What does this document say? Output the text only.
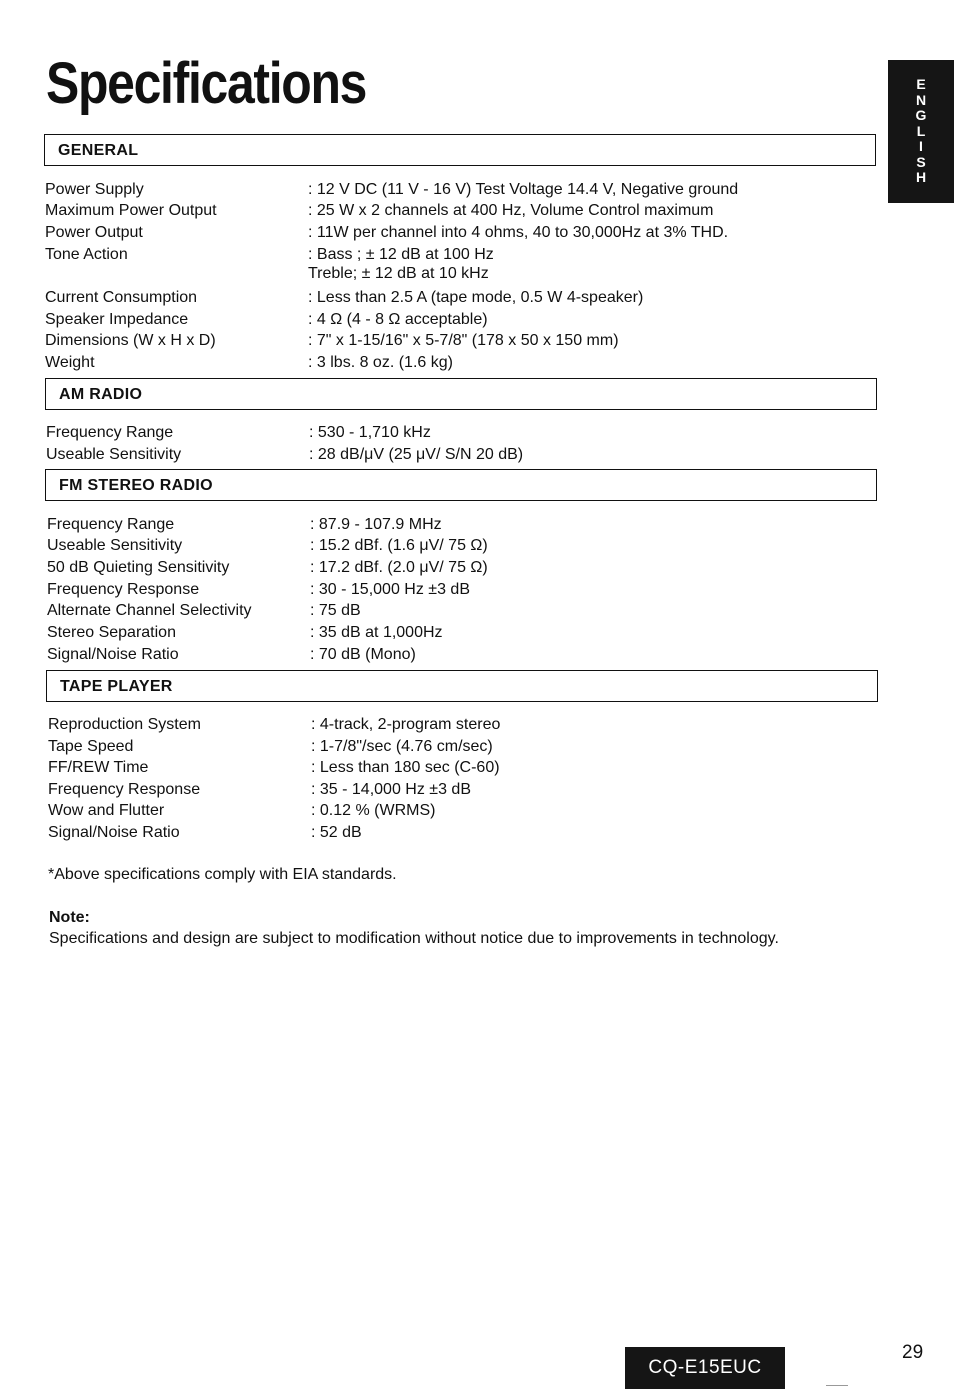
Specifications	E
N
G
L
I
S
H
GENERAL
Power Supply	: 12 V DC (11 V - 16 V) Test Voltage 14.4 V, Negative ground
Maximum Power Output	: 25 W x 2 channels at 400 Hz, Volume Control maximum
Power Output	: 11W per channel into 4 ohms, 40 to 30,000Hz at 3% THD.
Tone Action	: Bass ; ± 12 dB at 100 Hz
Treble; ± 12 dB at 10 kHz
Current Consumption	: Less than 2.5 A (tape mode, 0.5 W 4-speaker)
Speaker Impedance	: 4 Ω (4 - 8 Ω acceptable)
Dimensions (W x H x D)	: 7" x 1-15/16" x 5-7/8" (178 x 50 x 150 mm)
Weight	: 3 lbs. 8 oz. (1.6 kg)
AM RADIO
Frequency Range	: 530 - 1,710 kHz
Useable Sensitivity	: 28 dB/μV (25 μV/ S/N 20 dB)
FM STEREO RADIO
Frequency Range	: 87.9 - 107.9 MHz
Useable Sensitivity	: 15.2 dBf. (1.6 μV/ 75 Ω)
50 dB Quieting Sensitivity	: 17.2 dBf. (2.0 μV/ 75 Ω)
Frequency Response	: 30 - 15,000 Hz ±3 dB
Alternate Channel Selectivity	: 75 dB
Stereo Separation	: 35 dB at 1,000Hz
Signal/Noise Ratio	: 70 dB (Mono)
TAPE PLAYER
Reproduction System	: 4-track, 2-program stereo
Tape Speed	: 1-7/8"/sec (4.76 cm/sec)
FF/REW Time	: Less than 180 sec (C-60)
Frequency Response	: 35 - 14,000 Hz ±3 dB
Wow and Flutter	: 0.12 % (WRMS)
Signal/Noise Ratio	: 52 dB
*Above specifications comply with EIA standards.
Note:
Specifications and design are subject to modification without notice due to improvements in technology.
29
CQ-E15EUC
